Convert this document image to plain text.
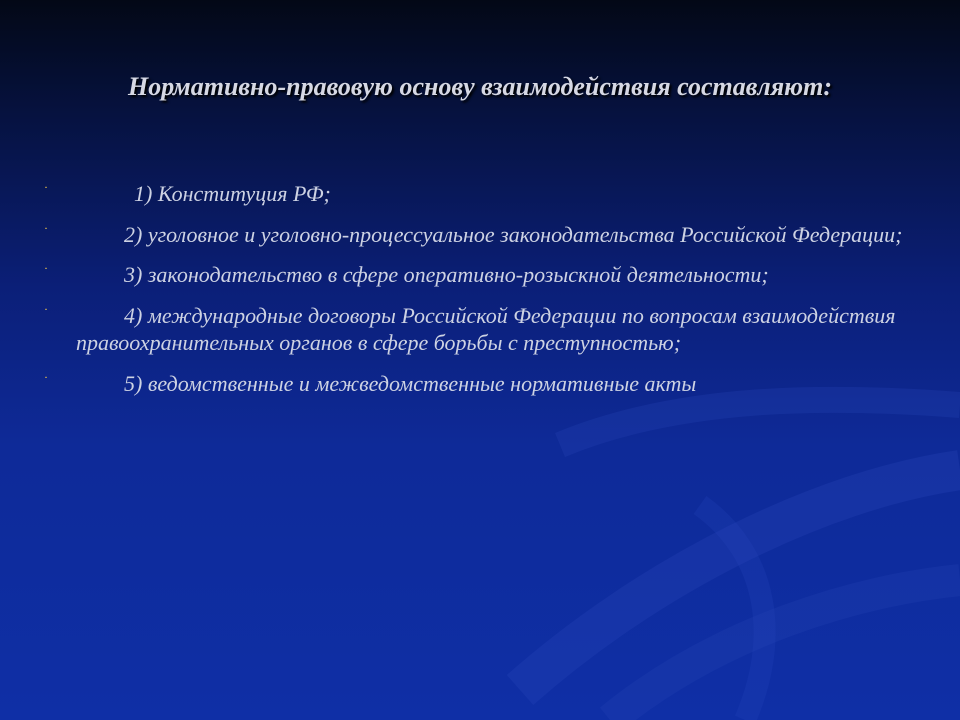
Нормативно-правовую основу взаимодействия составляют:
·	1) Конституция РФ;
·	2) уголовное и уголовно-процессуальное законодательства Российской Федерации;
·	3) законодательство в сфере оперативно-розыскной деятельности;
·	4) международные договоры Российской Федерации по вопросам взаимодействия правоохранительных органов в сфере борьбы с преступностью;
·	5) ведомственные и межведомственные нормативные акты
